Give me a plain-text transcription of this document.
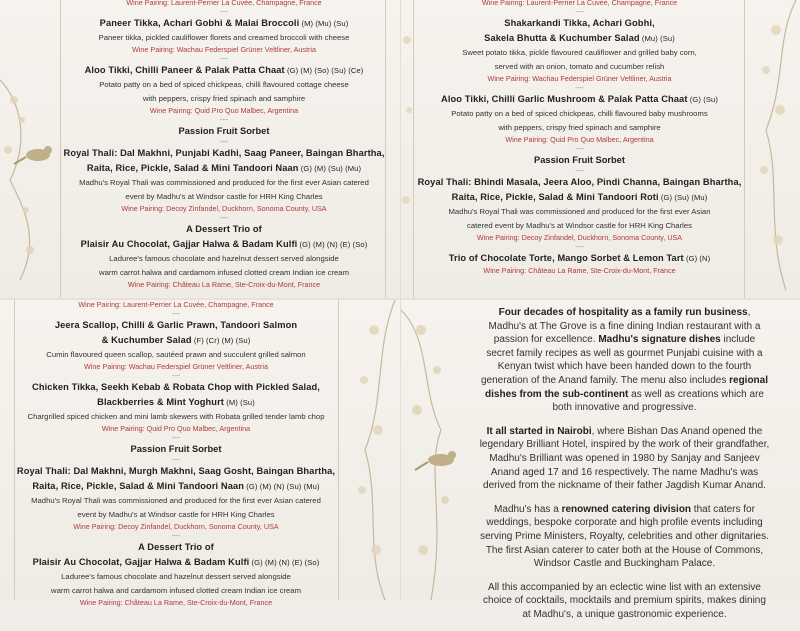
Wine Pairing: Laurent-Perrier La Cuvée, Champagne, France
—
Paneer Tikka, Achari Gobhi & Malai Broccoli (M) (Mu) (Su)
Paneer tikka, pickled cauliflower florets and creamed broccoli with cheese
Wine Pairing: Wachau Federspiel Grüner Veltliner, Austria
—
Aloo Tikki, Chilli Paneer & Palak Patta Chaat (G) (M) (So) (Su) (Ce)
Potato patty on a bed of spiced chickpeas, chilli flavoured cottage cheese
with peppers, crispy fried spinach and samphire
Wine Pairing: Quid Pro Quo Malbec, Argentina
—
Passion Fruit Sorbet
—
Royal Thali: Dal Makhni, Punjabi Kadhi, Saag Paneer, Baingan Bhartha,
Raita, Rice, Pickle, Salad & Mini Tandoori Naan (G) (M) (Su) (Mu)
Madhu's Royal Thali was commissioned and produced for the first ever Asian catered
event by Madhu's at Windsor castle for HRH King Charles
Wine Pairing: Decoy Zinfandel, Duckhorn, Sonoma County, USA
—
A Dessert Trio of
Plaisir Au Chocolat, Gajjar Halwa & Badam Kulfi (G) (M) (N) (E) (So)
Laduree's famous chocolate and hazelnut dessert served alongside
warm carrot halwa and cardamom infused clotted cream Indian ice cream
Wine Pairing: Château La Rame, Ste-Croix-du-Mont, France
Wine Pairing: Laurent-Perrier La Cuvée, Champagne, France
—
Shakarkandi Tikka, Achari Gobhi,
Sakela Bhutta & Kuchumber Salad (Mu) (Su)
Sweet potato tikka, pickle flavoured cauliflower and grilled baby corn,
served with an onion, tomato and cucumber relish
Wine Pairing: Wachau Federspiel Grüner Veltliner, Austria
—
Aloo Tikki, Chilli Garlic Mushroom & Palak Patta Chaat (G) (Su)
Potato patty on a bed of spiced chickpeas, chilli flavoured baby mushrooms
with peppers, crispy fried spinach and samphire
Wine Pairing: Quid Pro Quo Malbec, Argentina
—
Passion Fruit Sorbet
—
Royal Thali: Bhindi Masala, Jeera Aloo, Pindi Channa, Baingan Bhartha,
Raita, Rice, Pickle, Salad & Mini Tandoori Roti (G) (Su) (Mu)
Madhu's Royal Thali was commissioned and produced for the first ever Asian
catered event by Madhu's at Windsor castle for HRH King Charles
Wine Pairing: Decoy Zinfandel, Duckhorn, Sonoma County, USA
—
Trio of Chocolate Torte, Mango Sorbet & Lemon Tart (G) (N)
Wine Pairing: Château La Rame, Ste-Croix-du-Mont, France
Wine Pairing: Laurent-Perrier La Cuvée, Champagne, France
—
Jeera Scallop, Chilli & Garlic Prawn, Tandoori Salmon
& Kuchumber Salad (F) (Cr) (M) (Su)
Cumin flavoured queen scallop, sautéed prawn and succulent grilled salmon
Wine Pairing: Wachau Federspiel Grüner Veltliner, Austria
—
Chicken Tikka, Seekh Kebab & Robata Chop with Pickled Salad,
Blackberries & Mint Yoghurt (M) (Su)
Chargrilled spiced chicken and mini lamb skewers with Robata grilled tender lamb chop
Wine Pairing: Quid Pro Quo Malbec, Argentina
—
Passion Fruit Sorbet
—
Royal Thali: Dal Makhni, Murgh Makhni, Saag Gosht, Baingan Bhartha,
Raita, Rice, Pickle, Salad & Mini Tandoori Naan (G) (M) (N) (Su) (Mu)
Madhu's Royal Thali was commissioned and produced for the first ever Asian catered
event by Madhu's at Windsor castle for HRH King Charles
Wine Pairing: Decoy Zinfandel, Duckhorn, Sonoma County, USA
—
A Dessert Trio of
Plaisir Au Chocolat, Gajjar Halwa & Badam Kulfi (G) (M) (N) (E) (So)
Laduree's famous chocolate and hazelnut dessert served alongside
warm carrot halwa and cardamom infused clotted cream Indian ice cream
Wine Pairing: Château La Rame, Ste-Croix-du-Mont, France

Four decades of hospitality as a family run business, Madhu's at The Grove is a fine dining Indian restaurant with a passion for excellence. Madhu's signature dishes include secret family recipes as well as gourmet Punjabi cuisine with a Kenyan twist which have been handed down to the fourth generation of the Anand family. The menu also includes regional dishes from the sub-continent as well as creations which are both innovative and progressive.

It all started in Nairobi, where Bishan Das Anand opened the legendary Brilliant Hotel, inspired by the work of their grandfather, Madhu's Brilliant was opened in 1980 by Sanjay and Sanjeev Anand aged 17 and 16 respectively. The name Madhu's was derived from the nickname of their father Jagdish Kumar Anand.

Madhu's has a renowned catering division that caters for weddings, bespoke corporate and high profile events including serving Prime Ministers, Royalty, celebrities and other dignitaries. The first Asian caterer to cater both at the House of Commons, Windsor Castle and Buckingham Palace.

All this accompanied by an eclectic wine list with an extensive choice of cocktails, mocktails and premium spirits, makes dining at Madhu's, a unique gastronomic experience.
